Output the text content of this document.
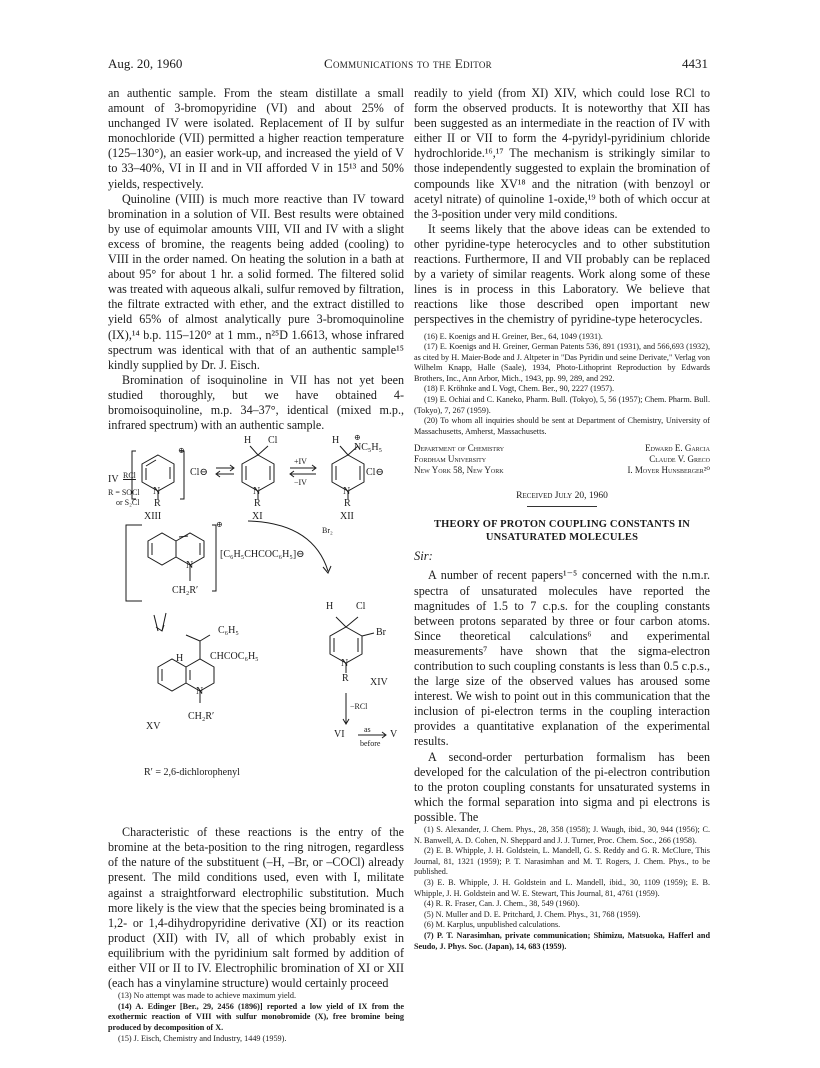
Communications to the Editor
Aug. 20, 1960	4431

an authentic sample. From the steam distillate a small amount of 3-bromopyridine (VI) and about 25% of unchanged IV were isolated. Replacement of II by sulfur monochloride (VII) permitted a higher reaction temperature (125–130°), an easier work-up, and increased the yield of V to 33–40%, VI in II and in VII afforded V in 15¹³ and 50% yields, respectively.

Quinoline (VIII) is much more reactive than IV toward bromination in a solution of VII. Best results were obtained by use of equimolar amounts VIII, VII and IV with a slight excess of bromine, the reagents being added (cooling) to VIII in the order named. On heating the solution in a bath at about 95° for about 1 hr. a solid formed. The filtered solid was treated with aqueous alkali, sulfur removed by filtration, the filtrate extracted with ether, and the extract distilled to yield 65% of almost analytically pure 3-bromoquinoline (IX),¹⁴ b.p. 115–120° at 1 mm., n²⁵D 1.6613, whose infrared spectrum was identical with that of an authentic sample¹⁵ kindly supplied by Dr. J. Eisch.

Bromination of isoquinoline in VII has not yet been studied thoroughly, but we have obtained 4-bromoisoquinoline, m.p. 34–37°, identical (mixed m.p., infrared spectrum) with an authentic sample.

IV RCl
R = SOCl
or S₂Cl
N
R
⊕
Cl⊖
XIII
H Cl
N
R
+IV
−IV
XI
H ⊕
NC₅H₅
N
R
Cl⊖
XII
⊕
N
[C₆H₅CHCOC₆H₅]⊖
Br₂
CH₂R′
C₆H₅
H	CHCOC₆H₅
N
XV
CH₂R′
H Cl
Br
N
R XIV
−RCl
VI as
before
V
R′ = 2,6-dichlorophenyl

Characteristic of these reactions is the entry of the bromine at the beta-position to the ring nitrogen, regardless of the nature of the substituent (–H, –Br, or –COCl) already present. The mild conditions used, even with I, militate against a straightforward electrophilic substitution. Much more likely is the view that the species being brominated is a 1,2- or 1,4-dihydropyridine derivative (XI) or its reaction product (XII) with IV, all of which probably exist in equilibrium with the pyridinium salt formed by addition of either VII or II to IV. Electrophilic bromination of XI or XII (each has a vinylamine structure) would certainly proceed

(13) No attempt was made to achieve maximum yield.

(14) A. Edinger [Ber., 29, 2456 (1896)] reported a low yield of IX from the exothermic reaction of VIII with sulfur monobromide (X), free bromine being produced by decomposition of X.

(15) J. Eisch, Chemistry and Industry, 1449 (1959).

readily to yield (from XI) XIV, which could lose RCl to form the observed products. It is noteworthy that XII has been suggested as an intermediate in the reaction of IV with either II or VII to form the 4-pyridyl-pyridinium chloride hydrochloride.¹⁶,¹⁷ The mechanism is strikingly similar to those independently suggested to explain the bromination of compounds like XV¹⁸ and the nitration (with benzoyl or acetyl nitrate) of quinoline 1-oxide,¹⁹ both of which occur at the 3-position under very mild conditions.

It seems likely that the above ideas can be extended to other pyridine-type heterocycles and to other substitution reactions. Furthermore, II and VII probably can be replaced by a variety of similar reagents. Work along some of these lines is in process in this Laboratory. We believe that reactions like those described open important new perspectives in the chemistry of pyridine-type heterocycles.

(16) E. Koenigs and H. Greiner, Ber., 64, 1049 (1931).

(17) E. Koenigs and H. Greiner, German Patents 536, 891 (1931), and 566,693 (1932), as cited by H. Maier-Bode and J. Altpeter in "Das Pyridin und seine Derivate," Verlag von Wilhelm Knapp, Halle (Saale), 1934, Photo-Lithoprint Reproduction by Edwards Brothers, Inc., Ann Arbor, Mich., 1943, pp. 99, 289, and 292.

(18) F. Kröhnke and I. Vogt, Chem. Ber., 90, 2227 (1957).

(19) E. Ochiai and C. Kaneko, Pharm. Bull. (Tokyo), 5, 56 (1957); Chem. Pharm. Bull. (Tokyo), 7, 267 (1959).

(20) To whom all inquiries should be sent at Department of Chemistry, University of Massachusetts, Amherst, Massachusetts.

Department of Chemistry
Fordham University
New York 58, New York
Edward E. Garcia
Claude V. Greco
I. Moyer Hunsberger²⁰
Received July 20, 1960
THEORY OF PROTON COUPLING CONSTANTS IN UNSATURATED MOLECULES
Sir:

A number of recent papers¹⁻⁵ concerned with the n.m.r. spectra of unsaturated molecules have reported the magnitudes of 1.5 to 7 c.p.s. for the coupling constants between protons separated by three or four carbon atoms. Since theoretical calculations⁶ and experimental measurements⁷ have shown that the sigma-electron contribution to such coupling constants is less than 0.5 c.p.s., the large size of the observed values has aroused some interest. We wish to point out in this communication that the inclusion of pi-electron terms in the coupling interaction provides a quantitative explanation of the experimental results.

A second-order perturbation formalism has been developed for the calculation of the pi-electron contribution to the proton coupling constants for unsaturated systems in which the formal separation into sigma and pi electrons is possible. The

(1) S. Alexander, J. Chem. Phys., 28, 358 (1958); J. Waugh, ibid., 30, 944 (1956); C. N. Banwell, A. D. Cohen, N. Sheppard and J. J. Turner, Proc. Chem. Soc., 266 (1958).

(2) E. B. Whipple, J. H. Goldstein, L. Mandell, G. S. Reddy and G. R. McClure, This Journal, 81, 1321 (1959); P. T. Narasimhan and M. T. Rogers, J. Chem. Phys., to be published.

(3) E. B. Whipple, J. H. Goldstein and L. Mandell, ibid., 30, 1109 (1959); E. B. Whipple, J. H. Goldstein and W. E. Stewart, This Journal, 81, 4761 (1959).

(4) R. R. Fraser, Can. J. Chem., 38, 549 (1960).

(5) N. Muller and D. E. Pritchard, J. Chem. Phys., 31, 768 (1959).

(6) M. Karplus, unpublished calculations.

(7) P. T. Narasimhan, private communication; Shimizu, Matsuoka, Hafferl and Seudo, J. Phys. Soc. (Japan), 14, 683 (1959).
